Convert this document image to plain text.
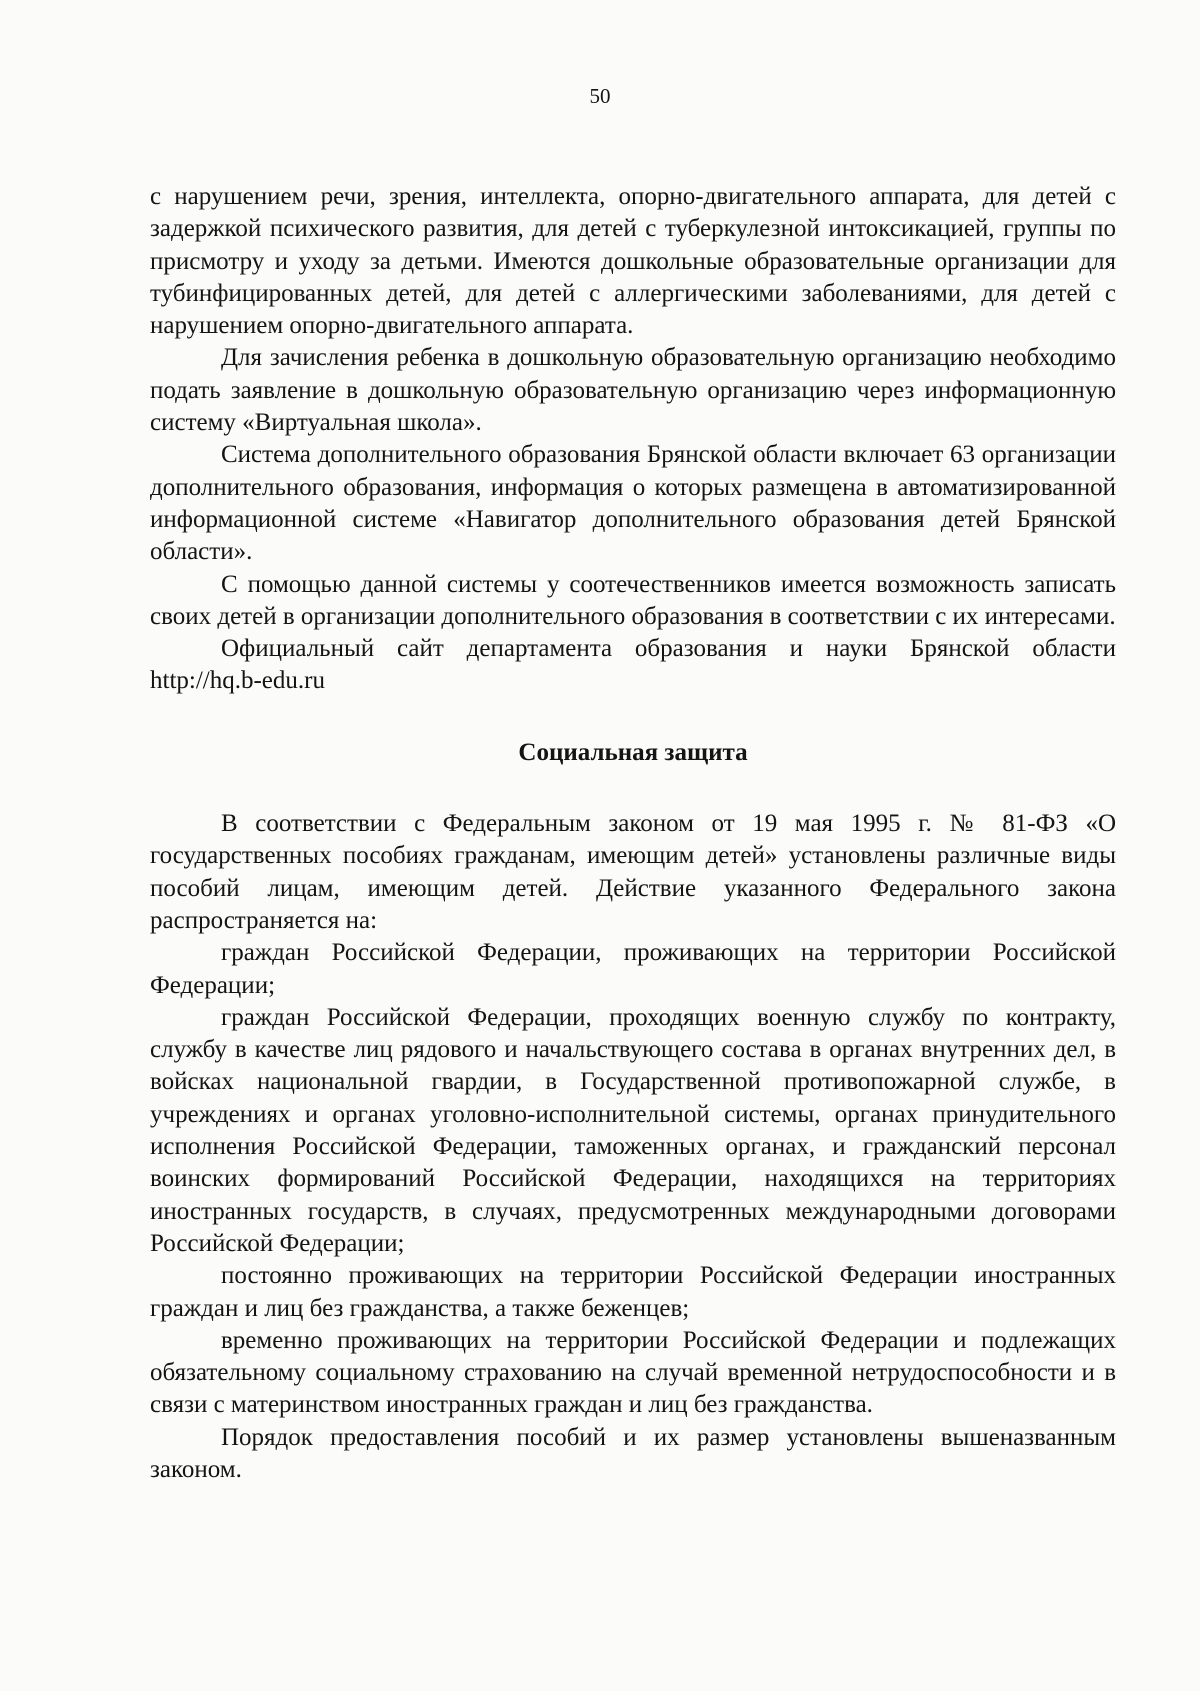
50

с нарушением речи, зрения, интеллекта, опорно-двигательного аппарата, для детей с задержкой психического развития, для детей с туберкулезной интоксикацией, группы по присмотру и уходу за детьми. Имеются дошкольные образовательные организации для тубинфицированных детей, для детей с аллергическими заболеваниями, для детей с нарушением опорно-двигательного аппарата.

Для зачисления ребенка в дошкольную образовательную организацию необходимо подать заявление в дошкольную образовательную организацию через информационную систему «Виртуальная школа».

Система дополнительного образования Брянской области включает 63 организации дополнительного образования, информация о которых размещена в автоматизированной информационной системе «Навигатор дополнительного образования детей Брянской области».

С помощью данной системы у соотечественников имеется возможность записать своих детей в организации дополнительного образования в соответствии с их интересами.

Официальный сайт департамента образования и науки Брянской области http://hq.b-edu.ru

Социальная защита

В соответствии с Федеральным законом от 19 мая 1995 г. № 81-ФЗ «О государственных пособиях гражданам, имеющим детей» установлены различные виды пособий лицам, имеющим детей. Действие указанного Федерального закона распространяется на:

граждан Российской Федерации, проживающих на территории Российской Федерации;

граждан Российской Федерации, проходящих военную службу по контракту, службу в качестве лиц рядового и начальствующего состава в органах внутренних дел, в войсках национальной гвардии, в Государственной противопожарной службе, в учреждениях и органах уголовно-исполнительной системы, органах принудительного исполнения Российской Федерации, таможенных органах, и гражданский персонал воинских формирований Российской Федерации, находящихся на территориях иностранных государств, в случаях, предусмотренных международными договорами Российской Федерации;

постоянно проживающих на территории Российской Федерации иностранных граждан и лиц без гражданства, а также беженцев;

временно проживающих на территории Российской Федерации и подлежащих обязательному социальному страхованию на случай временной нетрудоспособности и в связи с материнством иностранных граждан и лиц без гражданства.

Порядок предоставления пособий и их размер установлены вышеназванным законом.
